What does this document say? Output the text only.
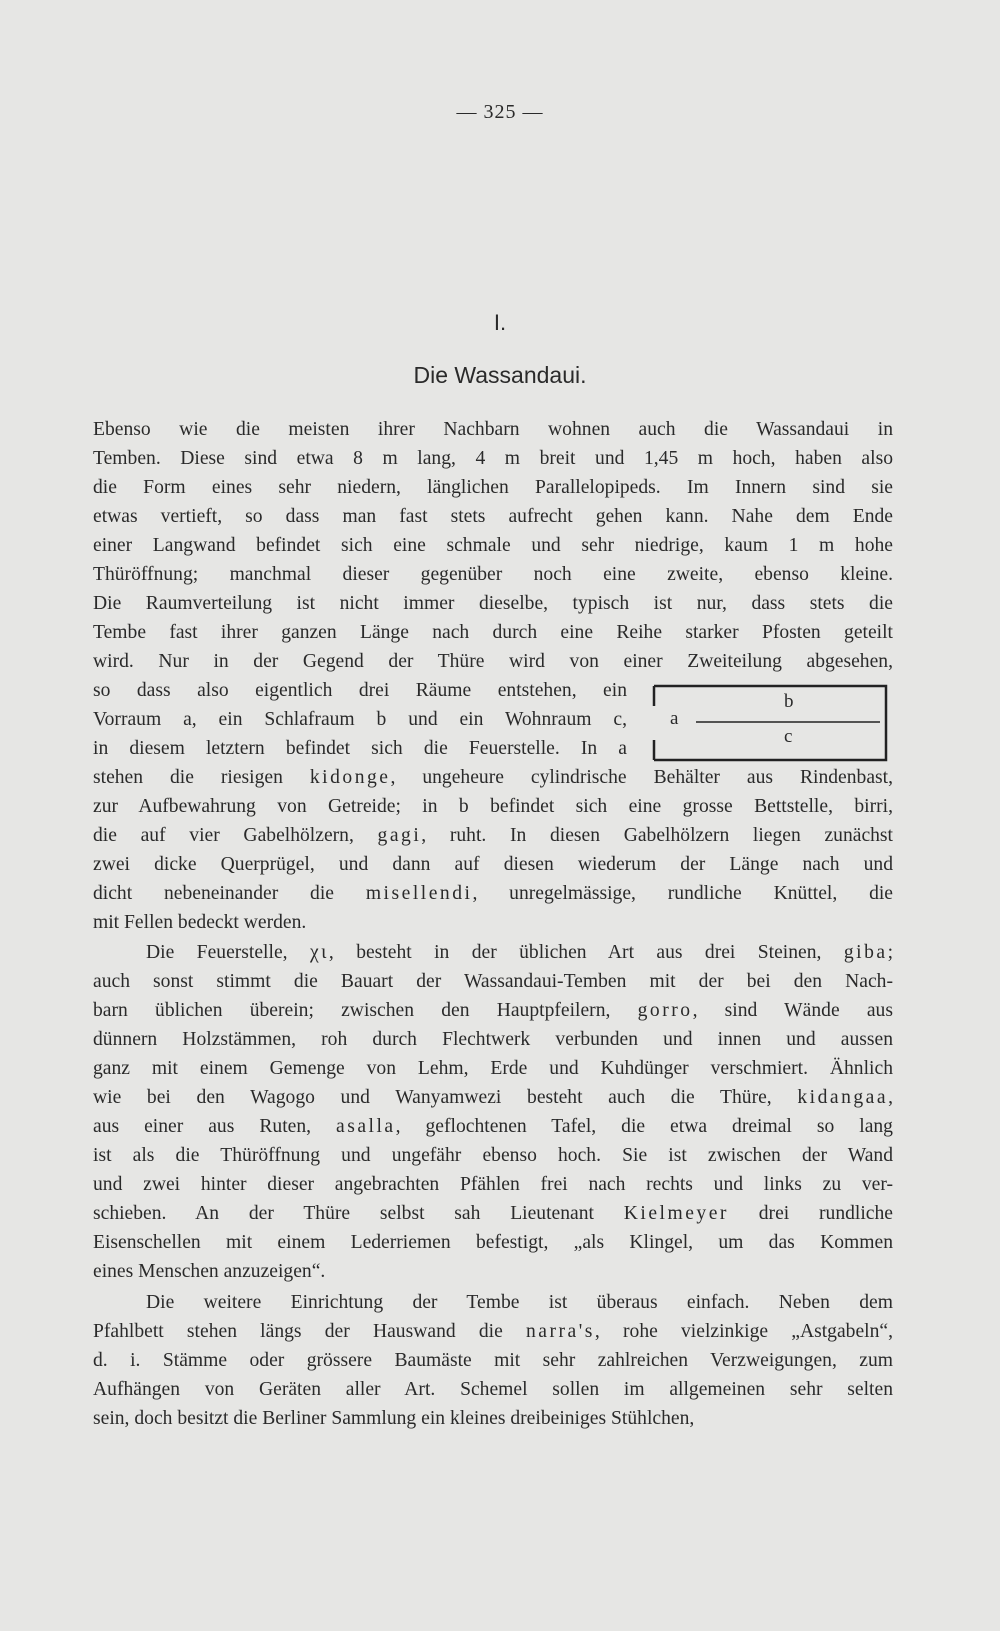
— 325 —
I.
Die Wassandaui.
Ebenso wie die meisten ihrer Nachbarn wohnen auch die Wassandaui in
Temben. Diese sind etwa 8 m lang, 4 m breit und 1,45 m hoch, haben also
die Form eines sehr niedern, länglichen Parallelopipeds. Im Innern sind sie
etwas vertieft, so dass man fast stets aufrecht gehen kann. Nahe dem Ende
einer Langwand befindet sich eine schmale und sehr niedrige, kaum 1 m hohe
Thüröffnung; manchmal dieser gegenüber noch eine zweite, ebenso kleine.
Die Raumverteilung ist nicht immer dieselbe, typisch ist nur, dass stets die
Tembe fast ihrer ganzen Länge nach durch eine Reihe starker Pfosten geteilt
wird. Nur in der Gegend der Thüre wird von einer Zweiteilung abgesehen,
so dass also eigentlich drei Räume entstehen, ein
Vorraum a, ein Schlafraum b und ein Wohnraum c,
in diesem letztern befindet sich die Feuerstelle. In a
stehen die riesigen kidonge, ungeheure cylindrische Behälter aus Rindenbast,
zur Aufbewahrung von Getreide; in b befindet sich eine grosse Bettstelle, birri,
die auf vier Gabelhölzern, gagi, ruht. In diesen Gabelhölzern liegen zunächst
zwei dicke Querprügel, und dann auf diesen wiederum der Länge nach und
dicht nebeneinander die misellendi, unregelmässige, rundliche Knüttel, die
mit Fellen bedeckt werden.
Die Feuerstelle, χι, besteht in der üblichen Art aus drei Steinen, giba;
auch sonst stimmt die Bauart der Wassandaui-Temben mit der bei den Nach-
barn üblichen überein; zwischen den Hauptpfeilern, gorro, sind Wände aus
dünnern Holzstämmen, roh durch Flechtwerk verbunden und innen und aussen
ganz mit einem Gemenge von Lehm, Erde und Kuhdünger verschmiert. Ähnlich
wie bei den Wagogo und Wanyamwezi besteht auch die Thüre, kidangaa,
aus einer aus Ruten, asalla, geflochtenen Tafel, die etwa dreimal so lang
ist als die Thüröffnung und ungefähr ebenso hoch. Sie ist zwischen der Wand
und zwei hinter dieser angebrachten Pfählen frei nach rechts und links zu ver-
schieben. An der Thüre selbst sah Lieutenant Kielmeyer drei rundliche
Eisenschellen mit einem Lederriemen befestigt, „als Klingel, um das Kommen
eines Menschen anzuzeigen“.
Die weitere Einrichtung der Tembe ist überaus einfach. Neben dem
Pfahlbett stehen längs der Hauswand die narra's, rohe vielzinkige „Astgabeln“,
d. i. Stämme oder grössere Baumäste mit sehr zahlreichen Verzweigungen, zum
Aufhängen von Geräten aller Art. Schemel sollen im allgemeinen sehr selten
sein, doch besitzt die Berliner Sammlung ein kleines dreibeiniges Stühlchen,
a
b
c
